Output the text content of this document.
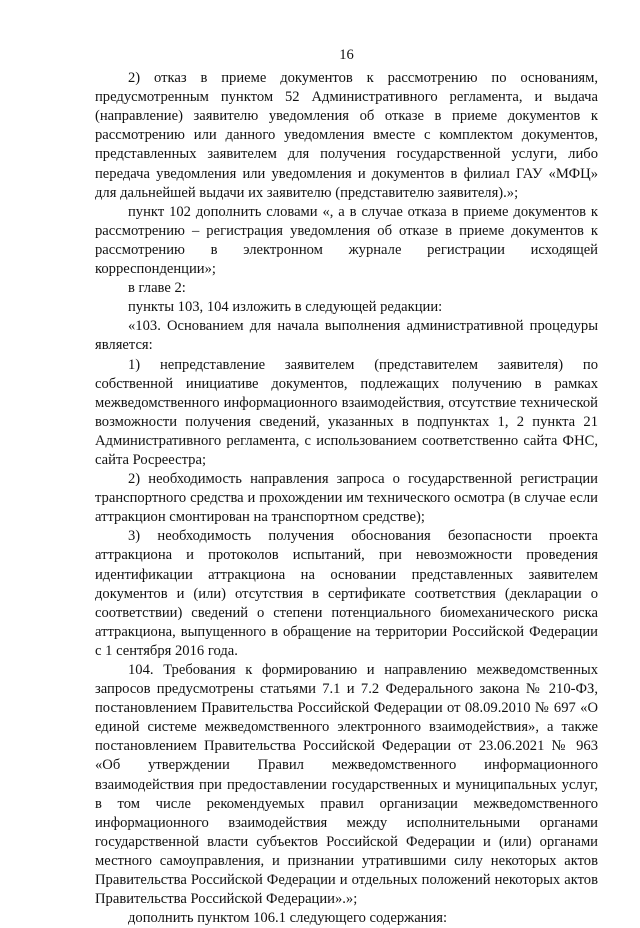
16

2) отказ в приеме документов к рассмотрению по основаниям, предусмотренным пунктом 52 Административного регламента, и выдача (направление) заявителю уведомления об отказе в приеме документов к рассмотрению или данного уведомления вместе с комплектом документов, представленных заявителем для получения государственной услуги, либо передача уведомления или уведомления и документов в филиал ГАУ «МФЦ» для дальнейшей выдачи их заявителю (представителю заявителя).»;

пункт 102 дополнить словами «, а в случае отказа в приеме документов к рассмотрению – регистрация уведомления об отказе в приеме документов к рассмотрению в электронном журнале регистрации исходящей корреспонденции»;

в главе 2:

пункты 103, 104 изложить в следующей редакции:

«103. Основанием для начала выполнения административной процедуры является:

1) непредставление заявителем (представителем заявителя) по собственной инициативе документов, подлежащих получению в рамках межведомственного информационного взаимодействия, отсутствие технической возможности получения сведений, указанных в подпунктах 1, 2 пункта 21 Административного регламента, с использованием соответственно сайта ФНС, сайта Росреестра;

2) необходимость направления запроса о государственной регистрации транспортного средства и прохождении им технического осмотра (в случае если аттракцион смонтирован на транспортном средстве);

3) необходимость получения обоснования безопасности проекта аттракциона и протоколов испытаний, при невозможности проведения идентификации аттракциона на основании представленных заявителем документов и (или) отсутствия в сертификате соответствия (декларации о соответствии) сведений о степени потенциального биомеханического риска аттракциона, выпущенного в обращение на территории Российской Федерации с 1 сентября 2016 года.

104. Требования к формированию и направлению межведомственных запросов предусмотрены статьями 7.1 и 7.2 Федерального закона № 210-ФЗ, постановлением Правительства Российской Федерации от 08.09.2010 № 697 «О единой системе межведомственного электронного взаимодействия», а также постановлением Правительства Российской Федерации от 23.06.2021 № 963 «Об утверждении Правил межведомственного информационного взаимодействия при предоставлении государственных и муниципальных услуг, в том числе рекомендуемых правил организации межведомственного информационного взаимодействия между исполнительными органами государственной власти субъектов Российской Федерации и (или) органами местного самоуправления, и признании утратившими силу некоторых актов Правительства Российской Федерации и отдельных положений некоторых актов Правительства Российской Федерации».»;

дополнить пунктом 106.1 следующего содержания:
